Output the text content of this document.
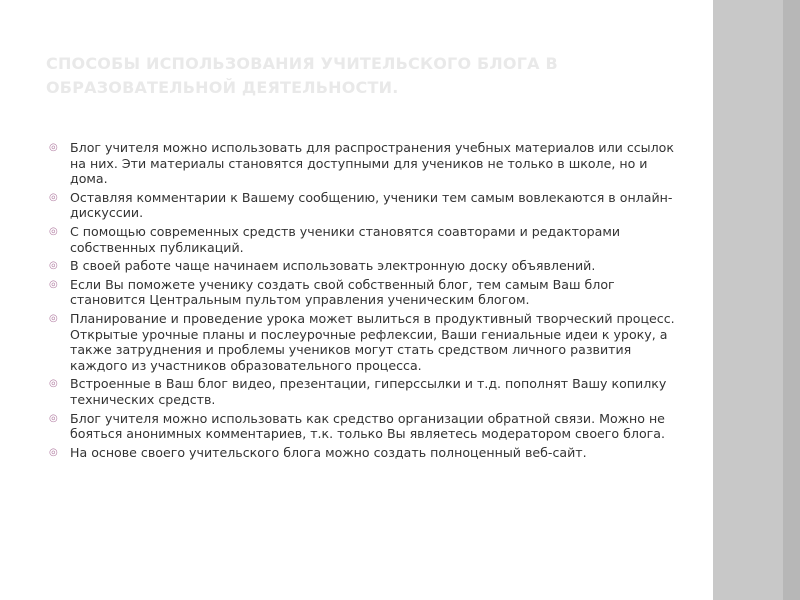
СПОСОБЫ ИСПОЛЬЗОВАНИЯ УЧИТЕЛЬСКОГО БЛОГА В ОБРАЗОВАТЕЛЬНОЙ ДЕЯТЕЛЬНОСТИ.
◎ Блог учителя можно использовать для распространения учебных материалов или ссылок на них. Эти материалы становятся доступными для учеников не только в школе, но и дома.
◎ Оставляя комментарии к Вашему сообщению, ученики тем самым вовлекаются в онлайн-дискуссии.
◎ С помощью современных средств ученики становятся соавторами и редакторами собственных публикаций.
◎ В своей работе чаще начинаем использовать электронную доску объявлений.
◎ Если Вы поможете ученику создать свой собственный блог, тем самым Ваш блог становится Центральным пультом управления ученическим блогом.
◎ Планирование и проведение урока может вылиться в продуктивный творческий процесс. Открытые урочные планы и послеурочные рефлексии, Ваши гениальные идеи к уроку, а также затруднения и проблемы учеников могут стать средством личного развития каждого из участников образовательного процесса.
◎ Встроенные в Ваш блог видео, презентации, гиперссылки и т.д. пополнят Вашу копилку технических средств.
◎ Блог учителя можно использовать как средство организации обратной связи. Можно не бояться анонимных комментариев, т.к. только Вы являетесь модератором своего блога.
◎ На основе своего учительского блога можно создать полноценный веб-сайт.
